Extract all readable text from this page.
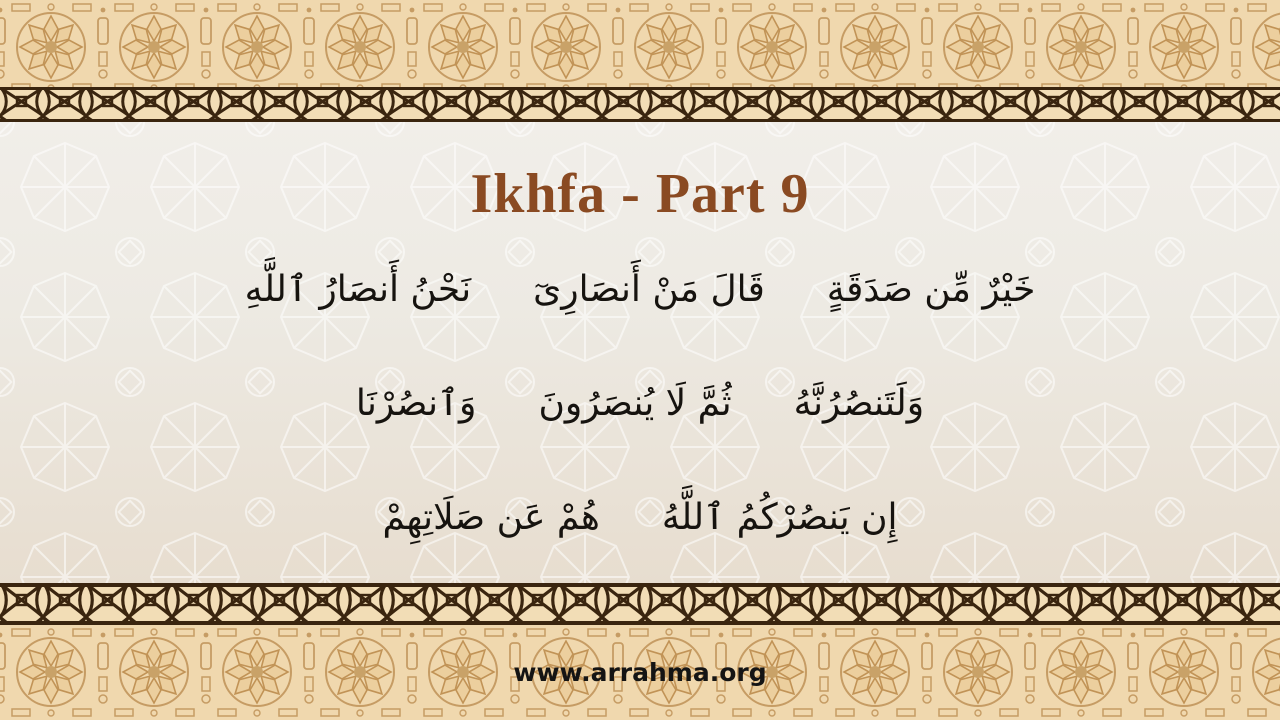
Ikhfa - Part 9
خَيْرٌ مِّن صَدَقَةٍ
قَالَ مَنْ أَنصَارِىٓ
نَحْنُ أَنصَارُ ٱللَّهِ
وَلَتَنصُرُنَّهُ
ثُمَّ لَا يُنصَرُونَ
وَٱنصُرْنَا
إِن يَنصُرْكُمُ ٱللَّهُ
هُمْ عَن صَلَاتِهِمْ
www.arrahma.org
